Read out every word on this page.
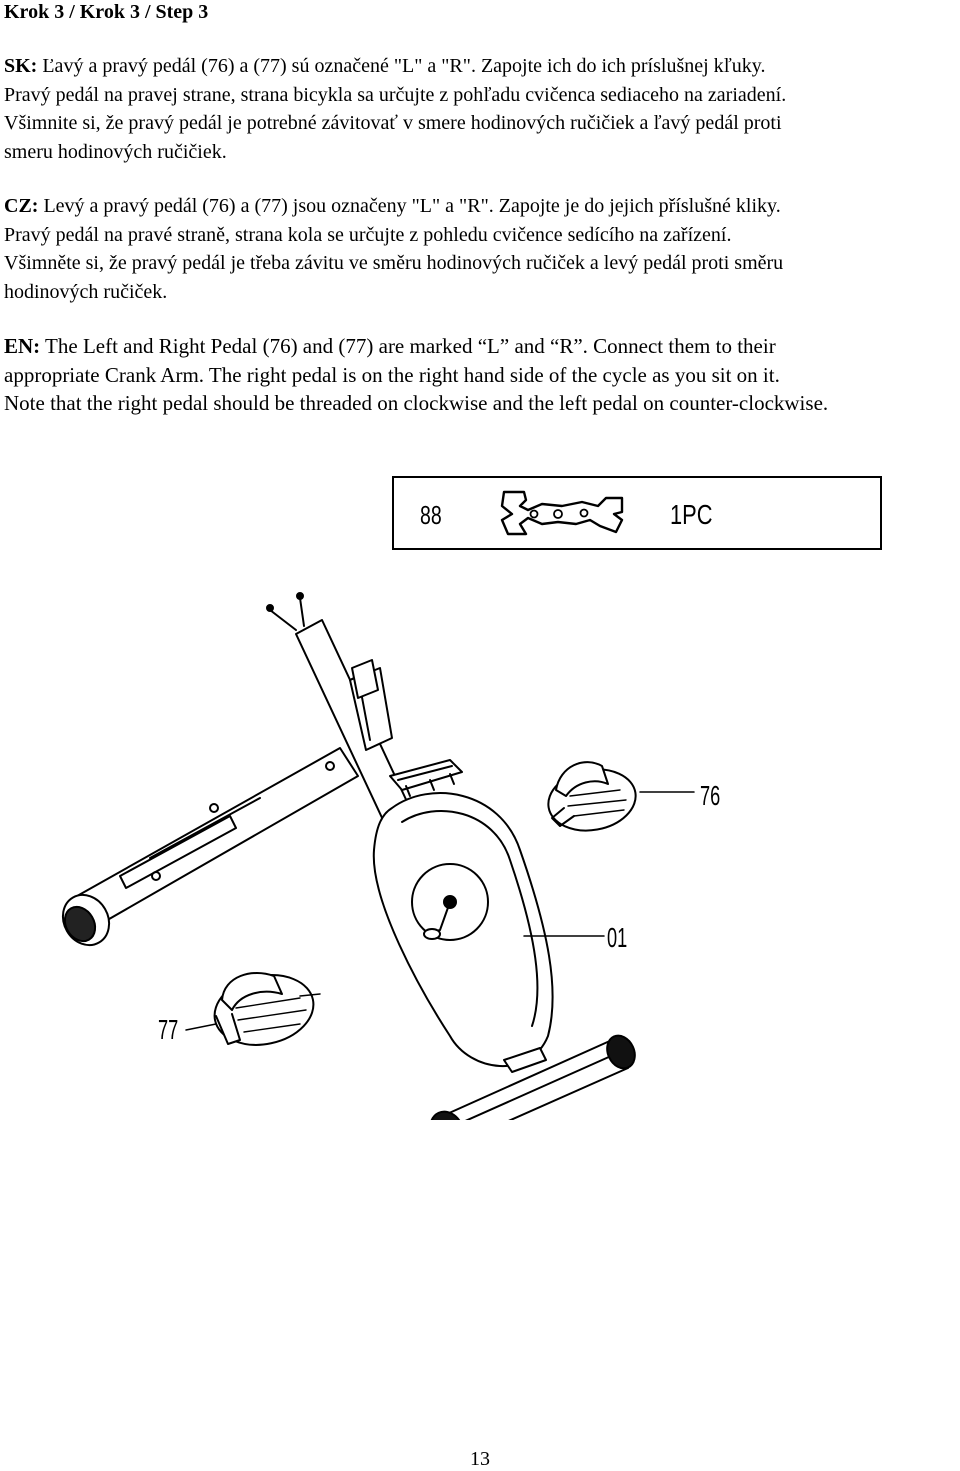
Krok 3 / Krok 3 / Step 3
SK: Ľavý a pravý pedál (76) a (77) sú označené "L" a "R". Zapojte ich do ich príslušnej kľuky.
Pravý pedál na pravej strane, strana bicykla sa určujte z pohľadu cvičenca sediaceho na zariadení.
Všimnite si, že pravý pedál je potrebné závitovať v smere hodinových ručičiek a ľavý pedál proti
smeru hodinových ručičiek.
CZ: Levý a pravý pedál (76) a (77) jsou označeny "L" a "R". Zapojte je do jejich příslušné kliky.
Pravý pedál na pravé straně, strana kola se určujte z pohledu cvičence sedícího na zařízení.
Všimněte si, že pravý pedál je třeba závitu ve směru hodinových ručiček a levý pedál proti směru
hodinových ručiček.
EN: The Left and Right Pedal (76) and (77) are marked “L” and “R”. Connect them to their
appropriate Crank Arm. The right pedal is on the right hand side of the cycle as you sit on it.
Note that the right pedal should be threaded on clockwise and the left pedal on counter-clockwise.
88	1PC
76
01
77
13
